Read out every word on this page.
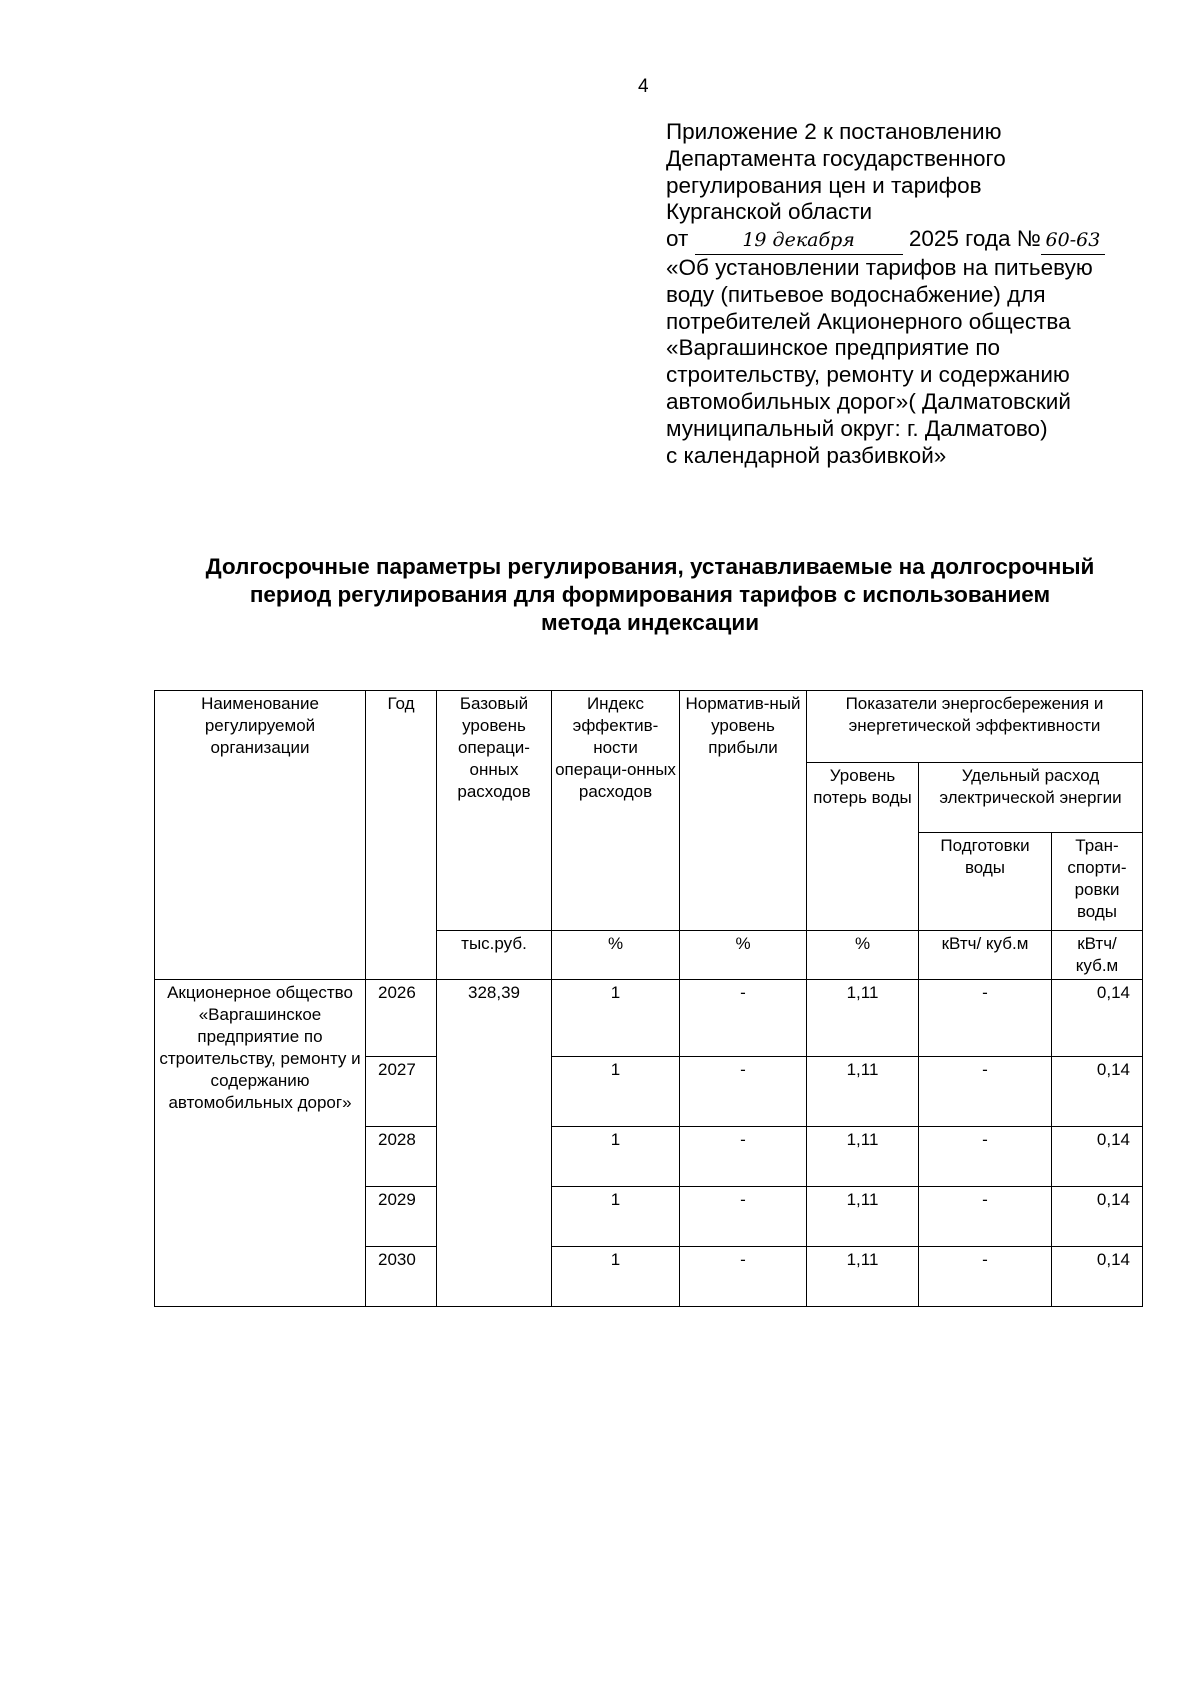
4
Приложение 2 к постановлению
Департамента государственного
регулирования цен и тарифов
Курганской области
от	19 декабря 2025 года № 60-63
«Об установлении тарифов на питьевую
воду (питьевое водоснабжение) для
потребителей Акционерного общества
«Варгашинское предприятие по
строительству, ремонту и содержанию
автомобильных дорог»( Далматовский
муниципальный округ: г. Далматово)
с календарной разбивкой»
Долгосрочные параметры регулирования, устанавливаемые на долгосрочный
период регулирования для формирования тарифов с использованием
метода индексации
Наименование регулируемой организации	Год	Базовый уровень операци-онных расходов	Индекс эффектив-ности операци-онных расходов	Норматив-ный уровень прибыли	Показатели энергосбережения и энергетической эффективности		
					Уровень потерь воды	Удельный расход электрической энергии	
						Подготовки воды	Тран-спорти-ровки воды
		тыс.руб.	%	%	%	кВтч/ куб.м	кВтч/ куб.м
Акционерное общество «Варгашинское предприятие по строительству, ремонту и содержанию автомобильных дорог»	2026	328,39	1	-	1,11	-	0,14
	2027		1	-	1,11	-	0,14
	2028		1	-	1,11	-	0,14
	2029		1	-	1,11	-	0,14
	2030		1	-	1,11	-	0,14
